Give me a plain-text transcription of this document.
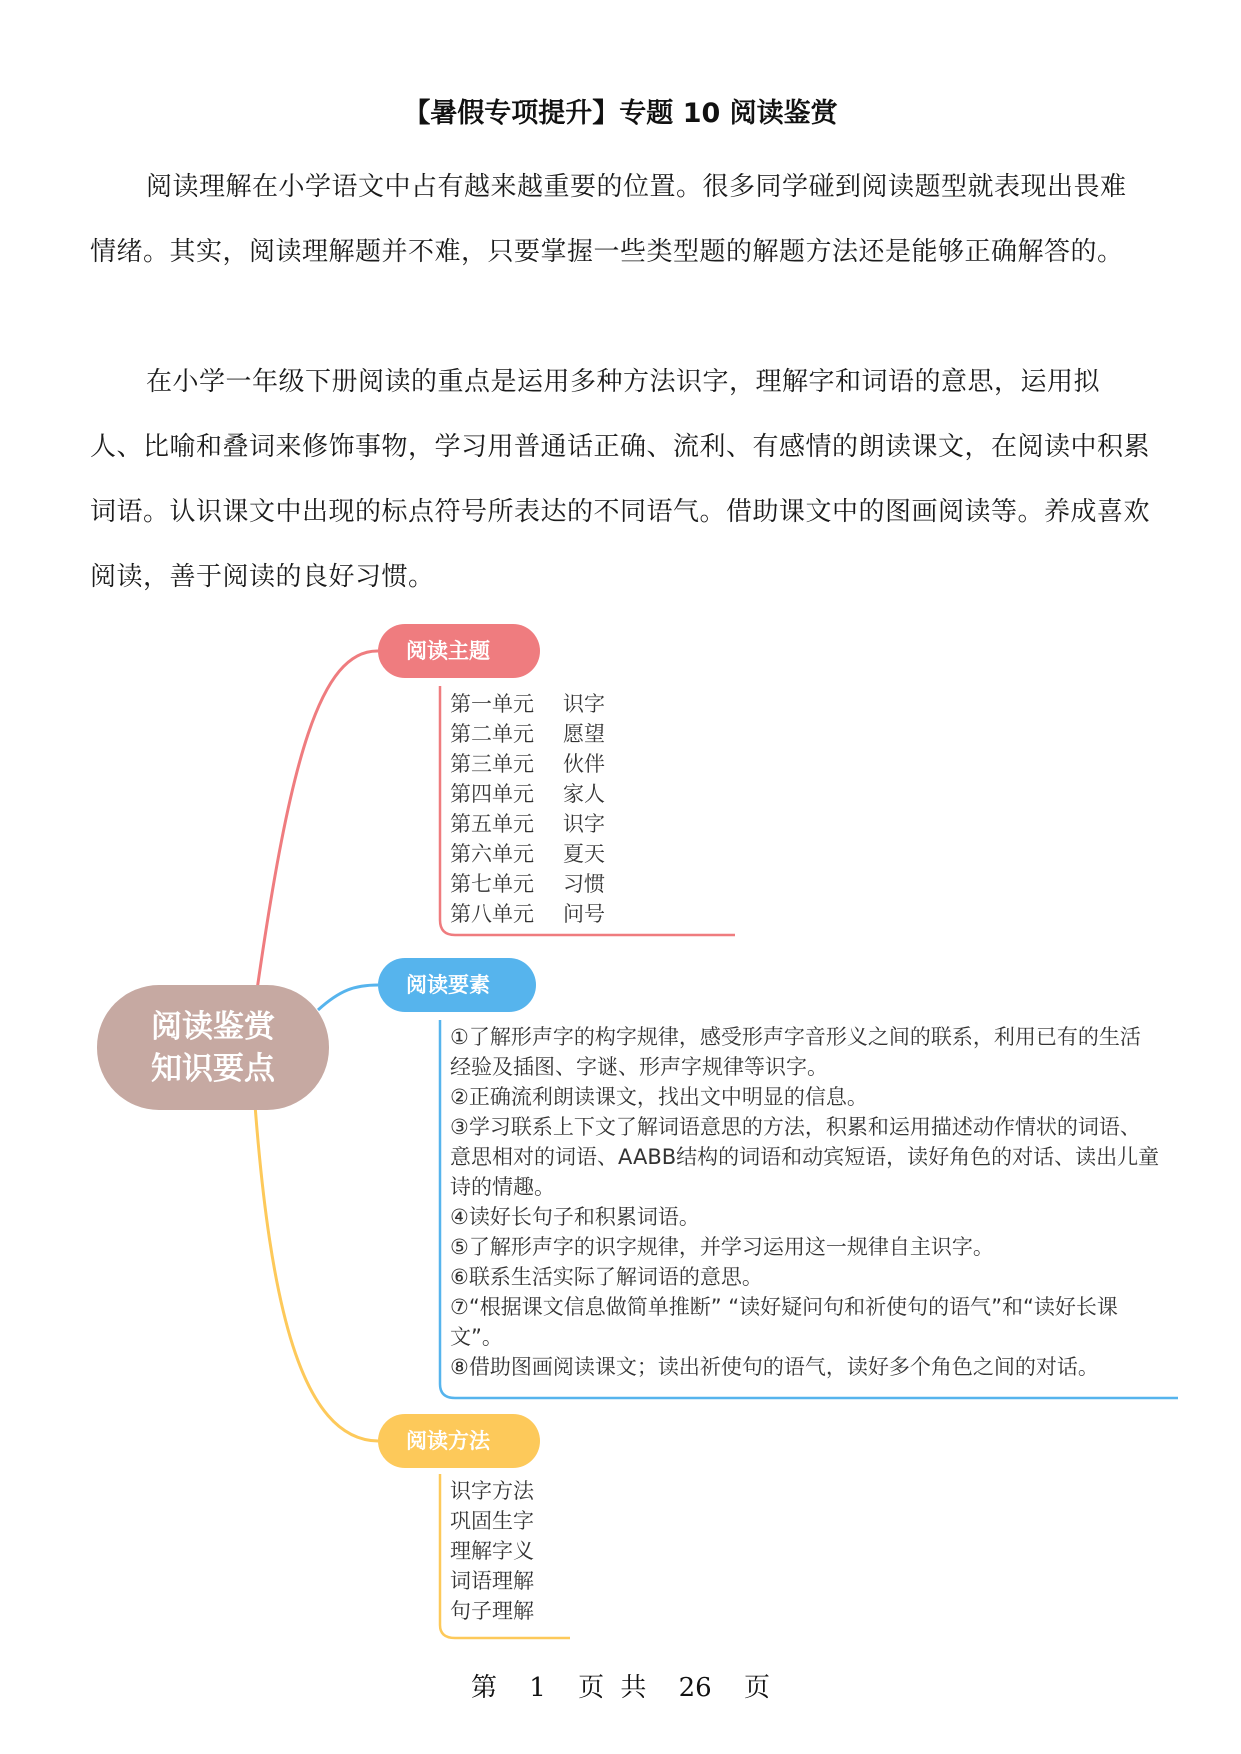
【暑假专项提升】专题 10 阅读鉴赏

阅读理解在小学语文中占有越来越重要的位置。很多同学碰到阅读题型就表现出畏难情绪。其实，阅读理解题并不难，只要掌握一些类型题的解题方法还是能够正确解答的。

在小学一年级下册阅读的重点是运用多种方法识字，理解字和词语的意思，运用拟人、比喻和叠词来修饰事物，学习用普通话正确、流利、有感情的朗读课文，在阅读中积累词语。认识课文中出现的标点符号所表达的不同语气。借助课文中的图画阅读等。养成喜欢阅读，善于阅读的良好习惯。

阅读鉴赏
知识要点
阅读主题
阅读要素
阅读方法
第一单元 识字
第二单元 愿望
第三单元 伙伴
第四单元 家人
第五单元 识字
第六单元 夏天
第七单元 习惯
第八单元 问号
①了解形声字的构字规律，感受形声字音形义之间的联系，利用已有的生活经验及插图、字谜、形声字规律等识字。
②正确流利朗读课文，找出文中明显的信息。
③学习联系上下文了解词语意思的方法，积累和运用描述动作情状的词语、意思相对的词语、AABB结构的词语和动宾短语，读好角色的对话、读出儿童诗的情趣。
④读好长句子和积累词语。
⑤了解形声字的识字规律，并学习运用这一规律自主识字。
⑥联系生活实际了解词语的意思。
⑦“根据课文信息做简单推断” “读好疑问句和祈使句的语气”和“读好长课文”。
⑧借助图画阅读课文；读出祈使句的语气，读好多个角色之间的对话。
识字方法
巩固生字
理解字义
词语理解
句子理解
第 1 页 共 26 页
